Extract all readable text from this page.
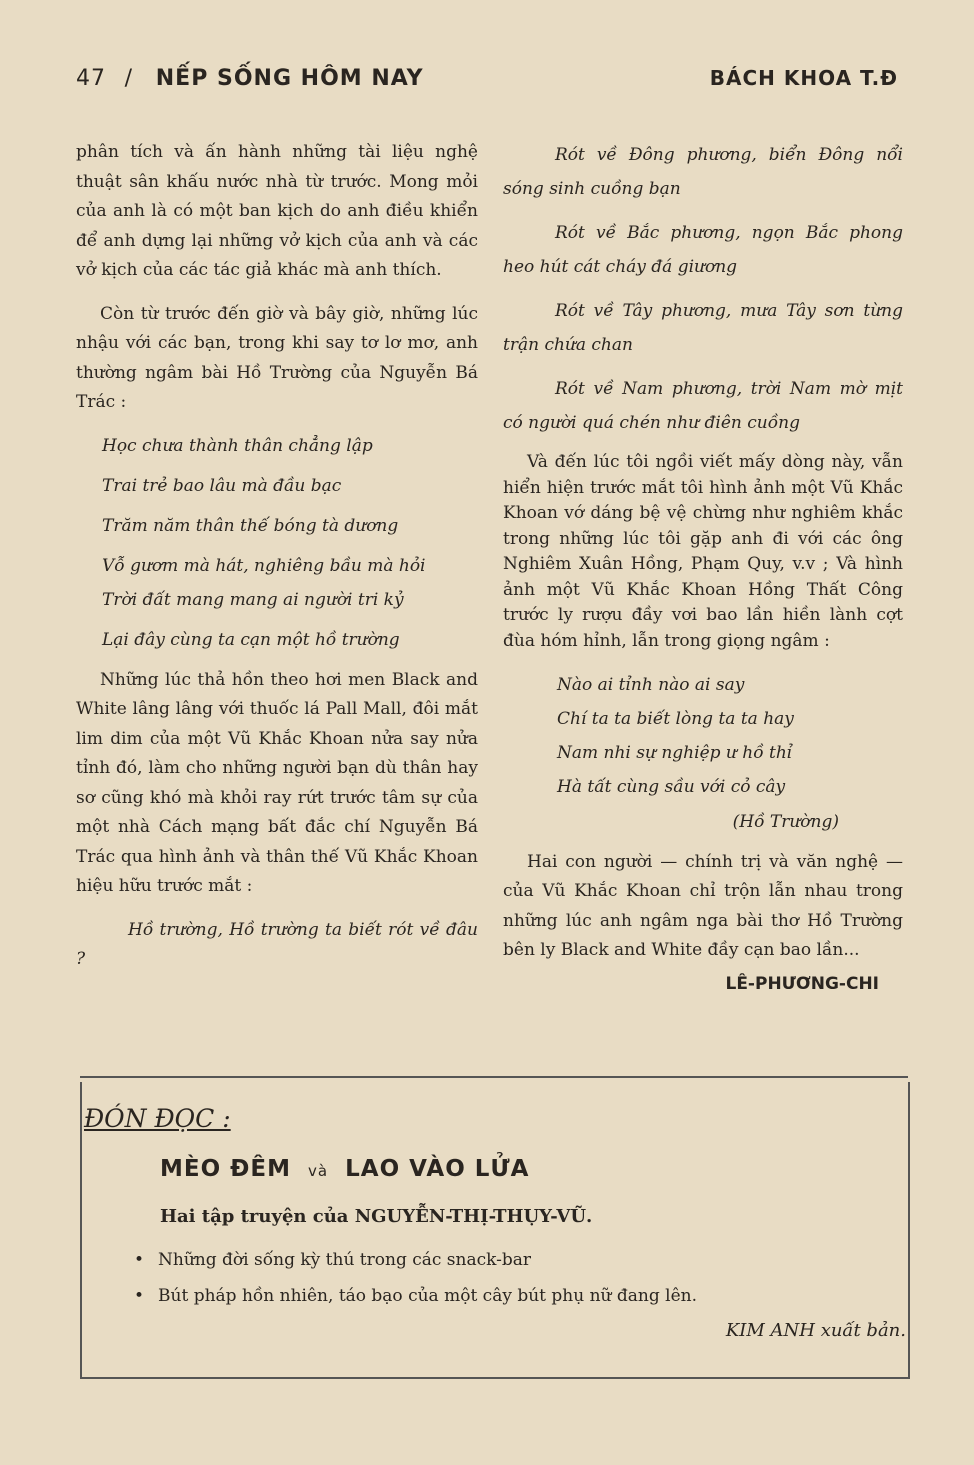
47 / NẾP SỐNG HÔM NAY	BÁCH KHOA T.Đ

phân tích và ấn hành những tài liệu nghệ thuật sân khấu nước nhà từ trước. Mong mỏi của anh là có một ban kịch do anh điều khiển để anh dựng lại những vở kịch của anh và các vở kịch của các tác giả khác mà anh thích.

Còn từ trước đến giờ và bây giờ, những lúc nhậu với các bạn, trong khi say tơ lơ mơ, anh thường ngâm bài Hồ Trường của Nguyễn Bá Trác :

Học chưa thành thân chẳng lập
Trai trẻ bao lâu mà đầu bạc
Trăm năm thân thế bóng tà dương
Vỗ gươm mà hát, nghiêng bầu mà hỏi
Trời đất mang mang ai người tri kỷ
Lại đây cùng ta cạn một hồ trường

Những lúc thả hồn theo hơi men Black and White lâng lâng với thuốc lá Pall Mall, đôi mắt lim dim của một Vũ Khắc Khoan nửa say nửa tỉnh đó, làm cho những người bạn dù thân hay sơ cũng khó mà khỏi ray rứt trước tâm sự của một nhà Cách mạng bất đắc chí Nguyễn Bá Trác qua hình ảnh và thân thế Vũ Khắc Khoan hiệu hữu trước mắt :

Hồ trường, Hồ trường ta biết rót về đâu ?

Rót về Đông phương, biển Đông nổi sóng sinh cuồng bạn

Rót về Bắc phương, ngọn Bắc phong heo hút cát cháy đá giương

Rót về Tây phương, mưa Tây sơn từng trận chứa chan

Rót về Nam phương, trời Nam mờ mịt có người quá chén như điên cuồng

Và đến lúc tôi ngồi viết mấy dòng này, vẫn hiển hiện trước mắt tôi hình ảnh một Vũ Khắc Khoan vớ dáng bệ vệ chừng như nghiêm khắc trong những lúc tôi gặp anh đi với các ông Nghiêm Xuân Hồng, Phạm Quy, v.v ; Và hình ảnh một Vũ Khắc Khoan Hồng Thất Công trước ly rượu đầy vơi bao lần hiền lành cợt đùa hóm hỉnh, lẫn trong giọng ngâm :

Nào ai tỉnh nào ai say
Chí ta ta biết lòng ta ta hay
Nam nhi sự nghiệp ư hồ thỉ
Hà tất cùng sầu với cỏ cây
(Hồ Trường)

Hai con người — chính trị và văn nghệ — của Vũ Khắc Khoan chỉ trộn lẫn nhau trong những lúc anh ngâm nga bài thơ Hồ Trường bên ly Black and White đầy cạn bao lần...

LÊ-PHƯƠNG-CHI
ĐÓN ĐỌC :
MÈO ĐÊM và LAO VÀO LỬA
Hai tập truyện của NGUYỄN-THỊ-THỤY-VŨ.
• Những đời sống kỳ thú trong các snack-bar
• Bút pháp hồn nhiên, táo bạo của một cây bút phụ nữ đang lên.
KIM ANH xuất bản.
